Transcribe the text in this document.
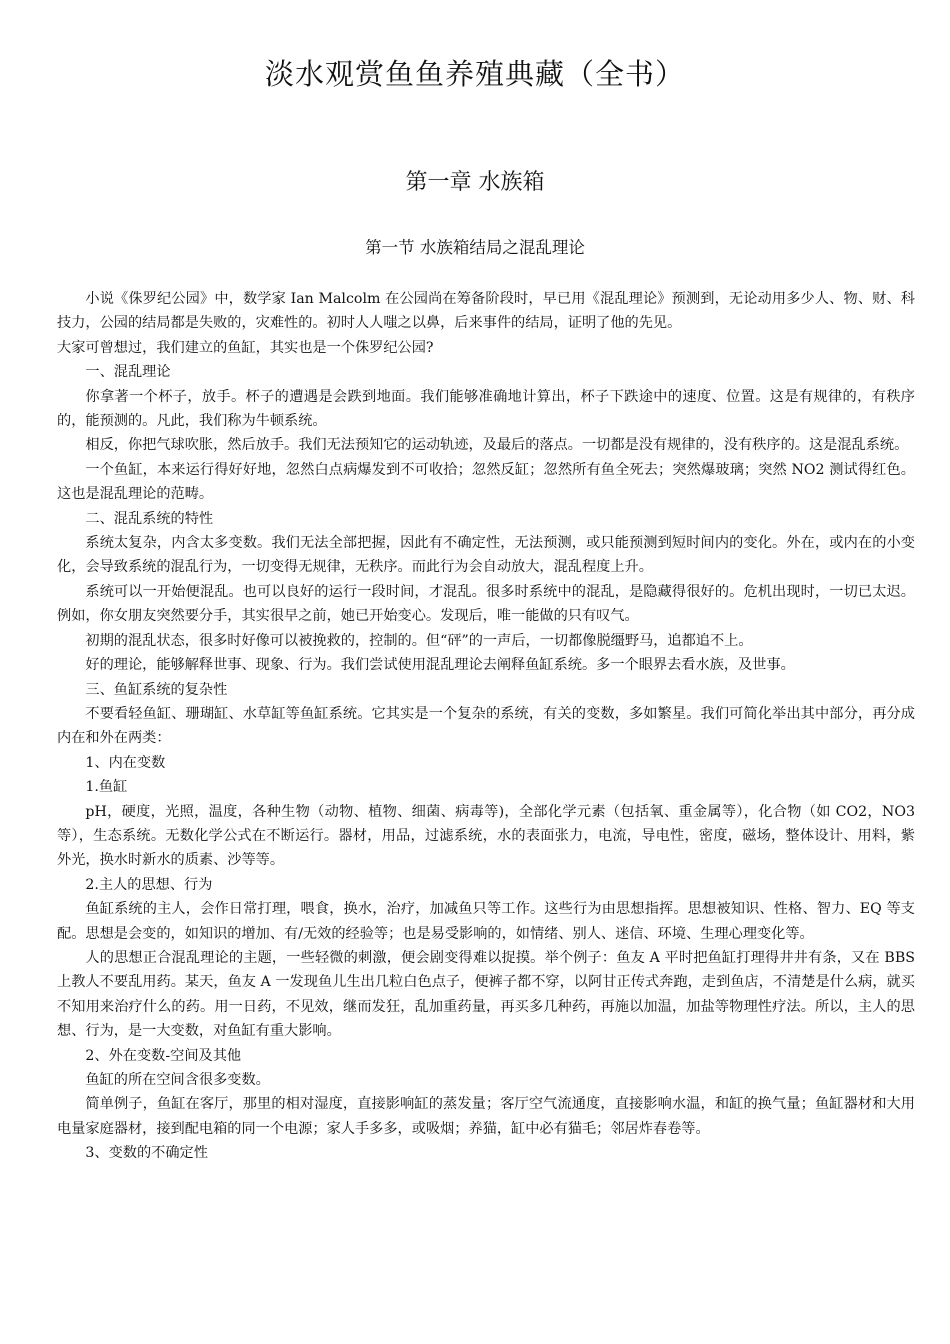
淡水观赏鱼鱼养殖典藏（全书）
第一章 水族箱
第一节 水族箱结局之混乱理论

小说《侏罗纪公园》中，数学家 Ian Malcolm 在公园尚在筹备阶段时，早已用《混乱理论》预测到，无论动用多少人、物、财、科技力，公园的结局都是失败的，灾难性的。初时人人嗤之以鼻，后来事件的结局，证明了他的先见。

大家可曾想过，我们建立的鱼缸，其实也是一个侏罗纪公园?

一、混乱理论

你拿著一个杯子，放手。杯子的遭遇是会跌到地面。我们能够准确地计算出，杯子下跌途中的速度、位置。这是有规律的，有秩序的，能预测的。凡此，我们称为牛顿系统。

相反，你把气球吹胀，然后放手。我们无法预知它的运动轨迹，及最后的落点。一切都是没有规律的，没有秩序的。这是混乱系统。

一个鱼缸，本来运行得好好地，忽然白点病爆发到不可收拾；忽然反缸；忽然所有鱼全死去；突然爆玻璃；突然 NO2 测试得红色。这也是混乱理论的范畴。

二、混乱系统的特性

系统太复杂，内含太多变数。我们无法全部把握，因此有不确定性，无法预测，或只能预测到短时间内的变化。外在，或内在的小变化，会导致系统的混乱行为，一切变得无规律，无秩序。而此行为会自动放大，混乱程度上升。

系统可以一开始便混乱。也可以良好的运行一段时间，才混乱。很多时系统中的混乱，是隐藏得很好的。危机出现时，一切已太迟。例如，你女朋友突然要分手，其实很早之前，她已开始变心。发现后，唯一能做的只有叹气。

初期的混乱状态，很多时好像可以被挽救的，控制的。但“砰”的一声后，一切都像脱缰野马，追都追不上。

好的理论，能够解释世事、现象、行为。我们尝试使用混乱理论去阐释鱼缸系统。多一个眼界去看水族，及世事。

三、鱼缸系统的复杂性

不要看轻鱼缸、珊瑚缸、水草缸等鱼缸系统。它其实是一个复杂的系统，有关的变数，多如繁星。我们可简化举出其中部分，再分成内在和外在两类：

1、内在变数

1.鱼缸

pH，硬度，光照，温度，各种生物（动物、植物、细菌、病毒等)，全部化学元素（包括氧、重金属等），化合物（如 CO2，NO3 等），生态系统。无数化学公式在不断运行。器材，用品，过滤系统，水的表面张力，电流，导电性，密度，磁场，整体设计、用料，紫外光，换水时新水的质素、沙等等。

2.主人的思想、行为

鱼缸系统的主人，会作日常打理，喂食，换水，治疗，加减鱼只等工作。这些行为由思想指挥。思想被知识、性格、智力、EQ 等支配。思想是会变的，如知识的增加、有/无效的经验等；也是易受影响的，如情绪、别人、迷信、环境、生理心理变化等。

人的思想正合混乱理论的主题，一些轻微的刺激，便会剧变得难以捉摸。举个例子：鱼友 A 平时把鱼缸打理得井井有条，又在 BBS 上教人不要乱用药。某天，鱼友 A 一发现鱼儿生出几粒白色点子，便裤子都不穿，以阿甘正传式奔跑，走到鱼店，不清楚是什么病，就买不知用来治疗什么的药。用一日药，不见效，继而发狂，乱加重药量，再买多几种药，再施以加温，加盐等物理性疗法。所以，主人的思想、行为，是一大变数，对鱼缸有重大影响。

2、外在变数-空间及其他

鱼缸的所在空间含很多变数。

简单例子，鱼缸在客厅，那里的相对湿度，直接影响缸的蒸发量；客厅空气流通度，直接影响水温，和缸的换气量；鱼缸器材和大用电量家庭器材，接到配电箱的同一个电源；家人手多多，或吸烟；养猫，缸中必有猫毛；邻居炸春卷等。

3、变数的不确定性
